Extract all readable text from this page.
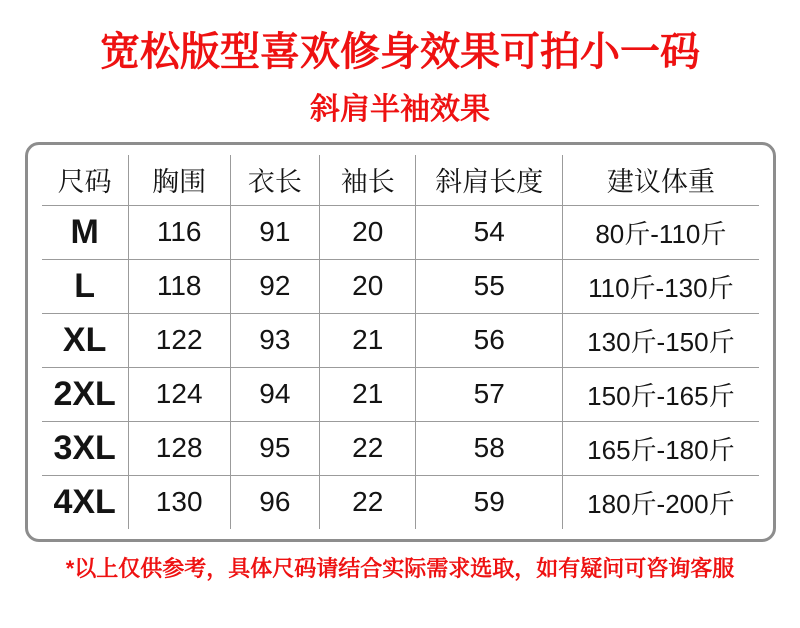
宽松版型喜欢修身效果可拍小一码
斜肩半袖效果
尺码	胸围	衣长	袖长	斜肩长度	建议体重
M	116	91	20	54	80斤-110斤
L	118	92	20	55	110斤-130斤
XL	122	93	21	56	130斤-150斤
2XL	124	94	21	57	150斤-165斤
3XL	128	95	22	58	165斤-180斤
4XL	130	96	22	59	180斤-200斤

*以上仅供参考，具体尺码请结合实际需求选取，如有疑问可咨询客服
